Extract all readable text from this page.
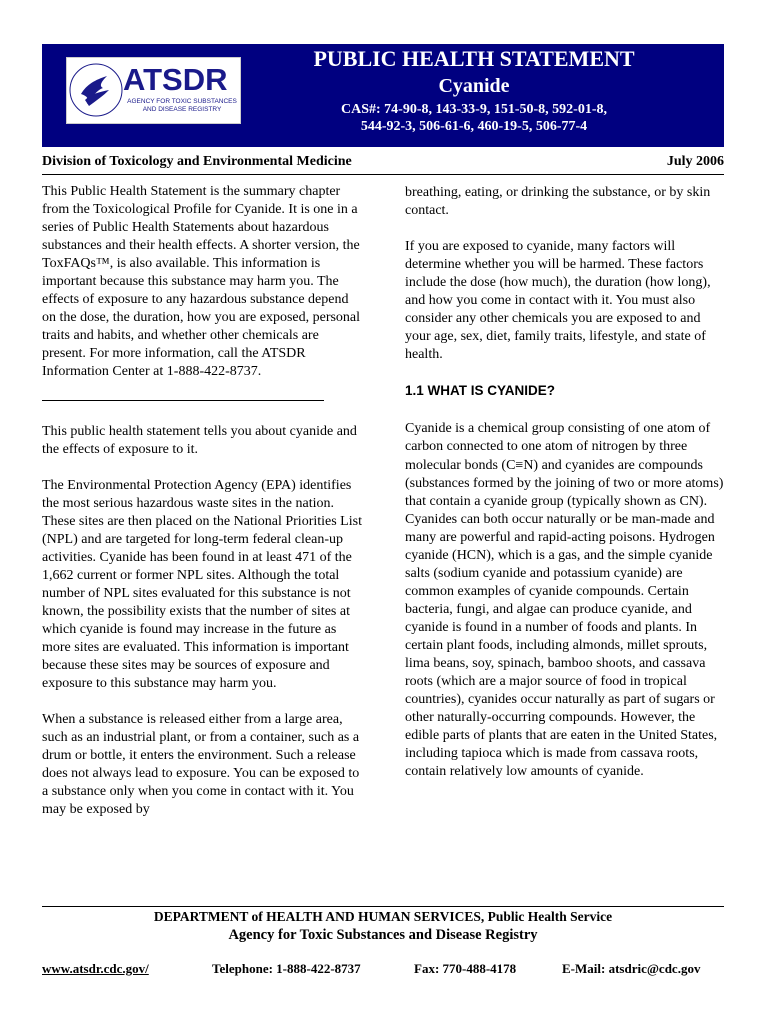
ATSDR
AGENCY FOR TOXIC SUBSTANCES AND DISEASE REGISTRY
PUBLIC HEALTH STATEMENT
Cyanide
CAS#: 74-90-8, 143-33-9, 151-50-8, 592-01-8,
544-92-3, 506-61-6, 460-19-5, 506-77-4
Division of Toxicology and Environmental Medicine	July 2006

This Public Health Statement is the summary chapter from the Toxicological Profile for Cyanide. It is one in a series of Public Health Statements about hazardous substances and their health effects. A shorter version, the ToxFAQs™, is also available. This information is important because this substance may harm you. The effects of exposure to any hazardous substance depend on the dose, the duration, how you are exposed, personal traits and habits, and whether other chemicals are present. For more information, call the ATSDR Information Center at 1-888-422-8737.

This public health statement tells you about cyanide and the effects of exposure to it.

The Environmental Protection Agency (EPA) identifies the most serious hazardous waste sites in the nation. These sites are then placed on the National Priorities List (NPL) and are targeted for long-term federal clean-up activities. Cyanide has been found in at least 471 of the 1,662 current or former NPL sites. Although the total number of NPL sites evaluated for this substance is not known, the possibility exists that the number of sites at which cyanide is found may increase in the future as more sites are evaluated. This information is important because these sites may be sources of exposure and exposure to this substance may harm you.

When a substance is released either from a large area, such as an industrial plant, or from a container, such as a drum or bottle, it enters the environment. Such a release does not always lead to exposure. You can be exposed to a substance only when you come in contact with it. You may be exposed by

breathing, eating, or drinking the substance, or by skin contact.

If you are exposed to cyanide, many factors will determine whether you will be harmed. These factors include the dose (how much), the duration (how long), and how you come in contact with it. You must also consider any other chemicals you are exposed to and your age, sex, diet, family traits, lifestyle, and state of health.

1.1 WHAT IS CYANIDE?

Cyanide is a chemical group consisting of one atom of carbon connected to one atom of nitrogen by three molecular bonds (C≡N) and cyanides are compounds (substances formed by the joining of two or more atoms) that contain a cyanide group (typically shown as CN). Cyanides can both occur naturally or be man-made and many are powerful and rapid-acting poisons. Hydrogen cyanide (HCN), which is a gas, and the simple cyanide salts (sodium cyanide and potassium cyanide) are common examples of cyanide compounds. Certain bacteria, fungi, and algae can produce cyanide, and cyanide is found in a number of foods and plants. In certain plant foods, including almonds, millet sprouts, lima beans, soy, spinach, bamboo shoots, and cassava roots (which are a major source of food in tropical countries), cyanides occur naturally as part of sugars or other naturally-occurring compounds. However, the edible parts of plants that are eaten in the United States, including tapioca which is made from cassava roots, contain relatively low amounts of cyanide.

DEPARTMENT of HEALTH AND HUMAN SERVICES, Public Health Service
Agency for Toxic Substances and Disease Registry
www.atsdr.cdc.gov/	Telephone: 1-888-422-8737	Fax: 770-488-4178	E-Mail: atsdric@cdc.gov
